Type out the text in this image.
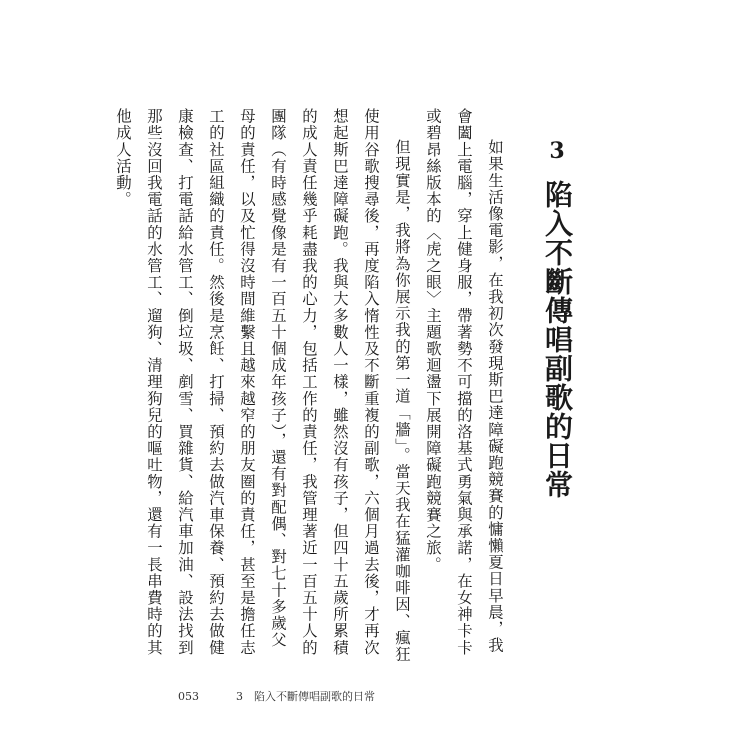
3
陷入不斷傳唱副歌的日常

如果生活像電影，在我初次發現斯巴達障礙跑競賽的慵懶夏日早晨，我會闔上電腦，穿上健身服，帶著勢不可擋的洛基式勇氣與承諾，在女神卡卡或碧昂絲版本的〈虎之眼〉主題歌迴盪下展開障礙跑競賽之旅。

但現實是，我將為你展示我的第一道「牆」。當天我在猛灌咖啡因、瘋狂使用谷歌搜尋後，再度陷入惰性及不斷重複的副歌，六個月過去後，才再次想起斯巴達障礙跑。我與大多數人一樣，雖然沒有孩子，但四十五歲所累積的成人責任幾乎耗盡我的心力，包括工作的責任，我管理著近一百五十人的團隊（有時感覺像是有一百五十個成年孩子），還有對配偶、對七十多歲父母的責任，以及忙得沒時間維繫且越來越窄的朋友圈的責任，甚至是擔任志工的社區組織的責任。然後是烹飪、打掃、預約去做汽車保養、預約去做健康檢查、打電話給水管工、倒垃圾、剷雪、買雜貨、給汽車加油、設法找到那些沒回我電話的水管工、遛狗、清理狗兒的嘔吐物，還有一長串費時的其他成人活動。

053	3　陷入不斷傳唱副歌的日常
